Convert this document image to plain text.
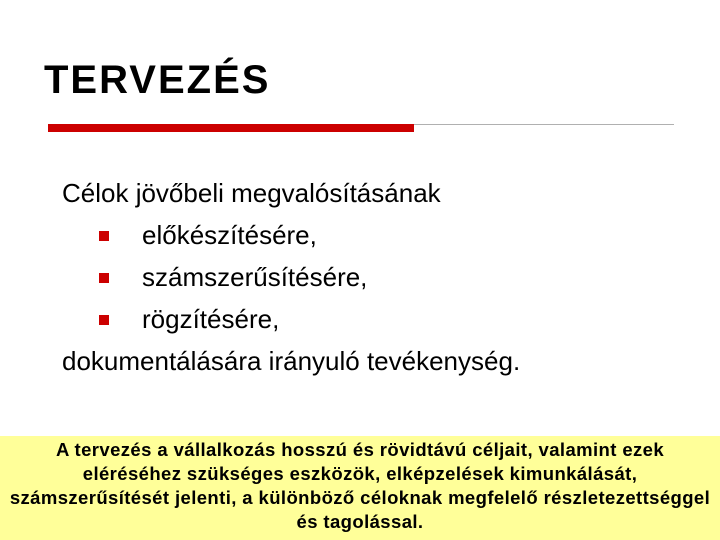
TERVEZÉS
Célok jövőbeli megvalósításának
előkészítésére,
számszerűsítésére,
rögzítésére,
dokumentálására irányuló tevékenység.

A tervezés a vállalkozás hosszú és rövidtávú céljait, valamint ezek eléréséhez szükséges eszközök, elképzelések kimunkálását, számszerűsítését jelenti, a különböző céloknak megfelelő részletezettséggel és tagolással.
